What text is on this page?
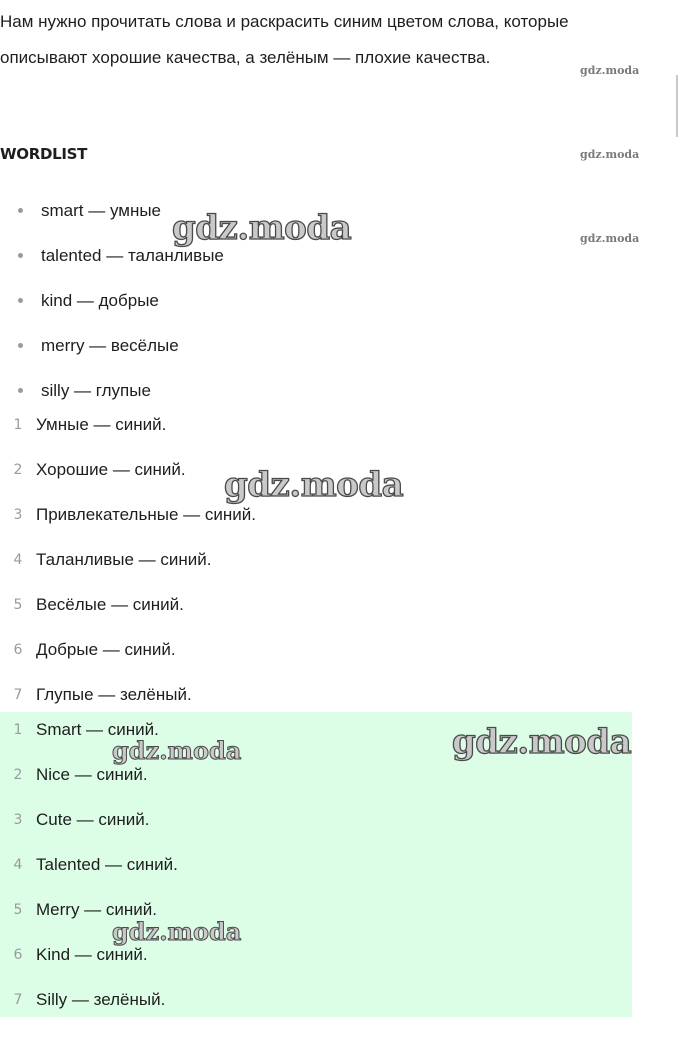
Нам нужно прочитать слова и раскрасить синим цветом слова, которые описывают хорошие качества, а зелёным — плохие качества.

WORDLIST
smart — умные
talented — таланливые
kind — добрые
merry — весёлые
silly — глупые
1 Умные — синий.
2 Хорошие — синий.
3 Привлекательные — синий.
4 Таланливые — синий.
5 Весёлые — синий.
6 Добрые — синий.
7 Глупые — зелёный.
1 Smart — синий.
2 Nice — синий.
3 Cute — синий.
4 Talented — синий.
5 Merry — синий.
6 Kind — синий.
7 Silly — зелёный.
gdz.moda
gdz.moda
gdz.moda
gdz.moda
gdz.moda
gdz.moda
gdz.moda
gdz.moda
